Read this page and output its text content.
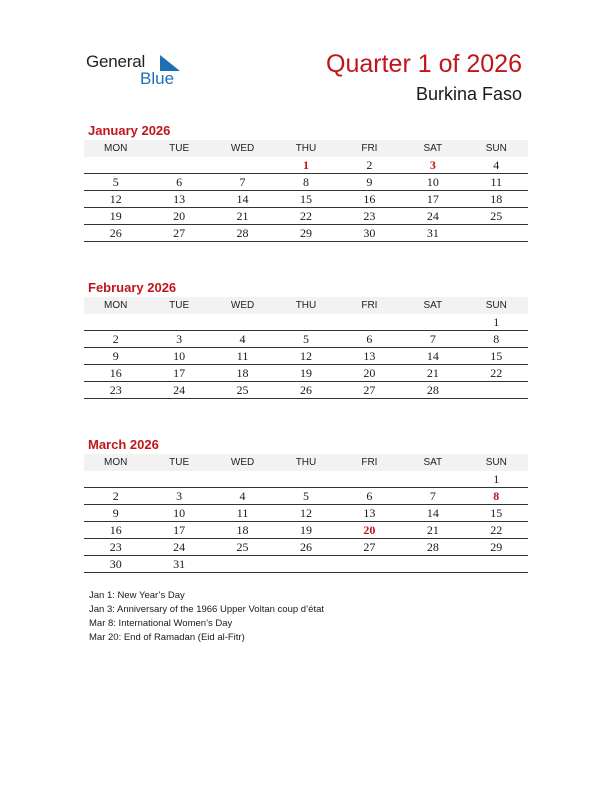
General
Blue
Quarter 1 of 2026
Burkina Faso
January 2026
MON	TUE	WED	THU	FRI	SAT	SUN
			1	2	3	4
5	6	7	8	9	10	11
12	13	14	15	16	17	18
19	20	21	22	23	24	25
26	27	28	29	30	31	
February 2026
MON	TUE	WED	THU	FRI	SAT	SUN
						1
2	3	4	5	6	7	8
9	10	11	12	13	14	15
16	17	18	19	20	21	22
23	24	25	26	27	28	
March 2026
MON	TUE	WED	THU	FRI	SAT	SUN
						1
2	3	4	5	6	7	8
9	10	11	12	13	14	15
16	17	18	19	20	21	22
23	24	25	26	27	28	29
30	31					
Jan 1: New Year’s Day
Jan 3: Anniversary of the 1966 Upper Voltan coup d’état
Mar 8: International Women’s Day
Mar 20: End of Ramadan (Eid al-Fitr)
